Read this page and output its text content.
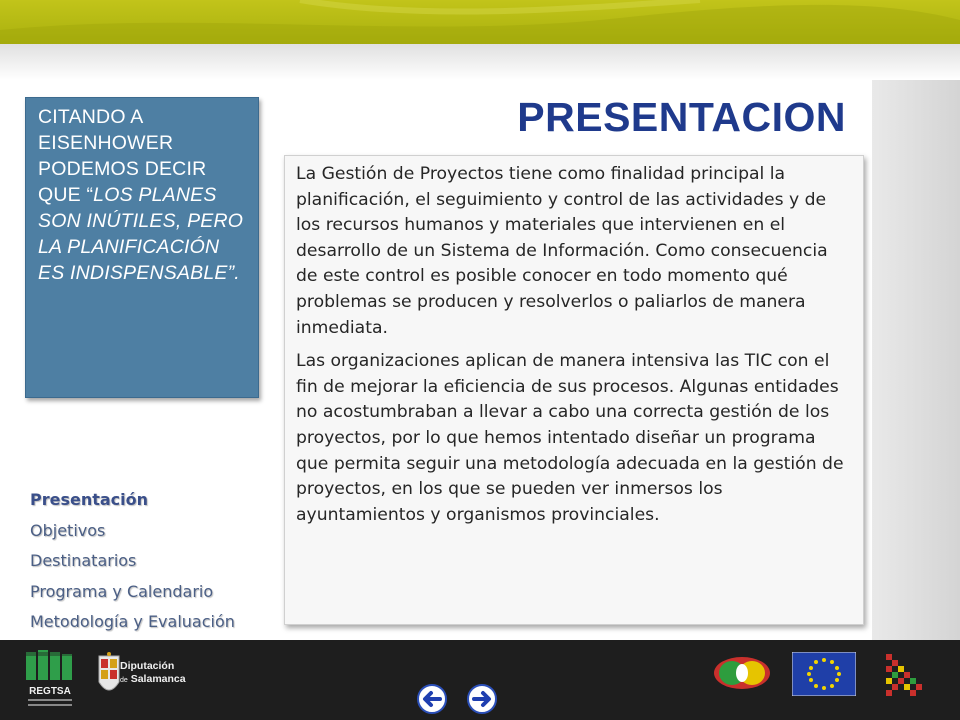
CITANDO A EISENHOWER PODEMOS DECIR QUE “LOS PLANES SON INÚTILES, PERO LA PLANIFICACIÓN ES INDISPENSABLE”.
PRESENTACION

La Gestión de Proyectos tiene como finalidad principal la planificación, el seguimiento y control de las actividades y de los recursos humanos y materiales que intervienen en el desarrollo de un Sistema de Información. Como consecuencia de este control es posible conocer en todo momento qué problemas se producen y resolverlos o paliarlos de manera inmediata.

Las organizaciones aplican de manera intensiva las TIC con el fin de mejorar la eficiencia de sus procesos. Algunas entidades no acostumbraban a llevar a cabo una correcta gestión de los proyectos, por lo que hemos intentado diseñar un programa que permita seguir una metodología adecuada en la gestión de proyectos, en los que se pueden ver inmersos los ayuntamientos y organismos provinciales.

Presentación
Objetivos
Destinatarios
Programa y Calendario
Metodología y Evaluación
REGTSA
Diputación
de Salamanca
